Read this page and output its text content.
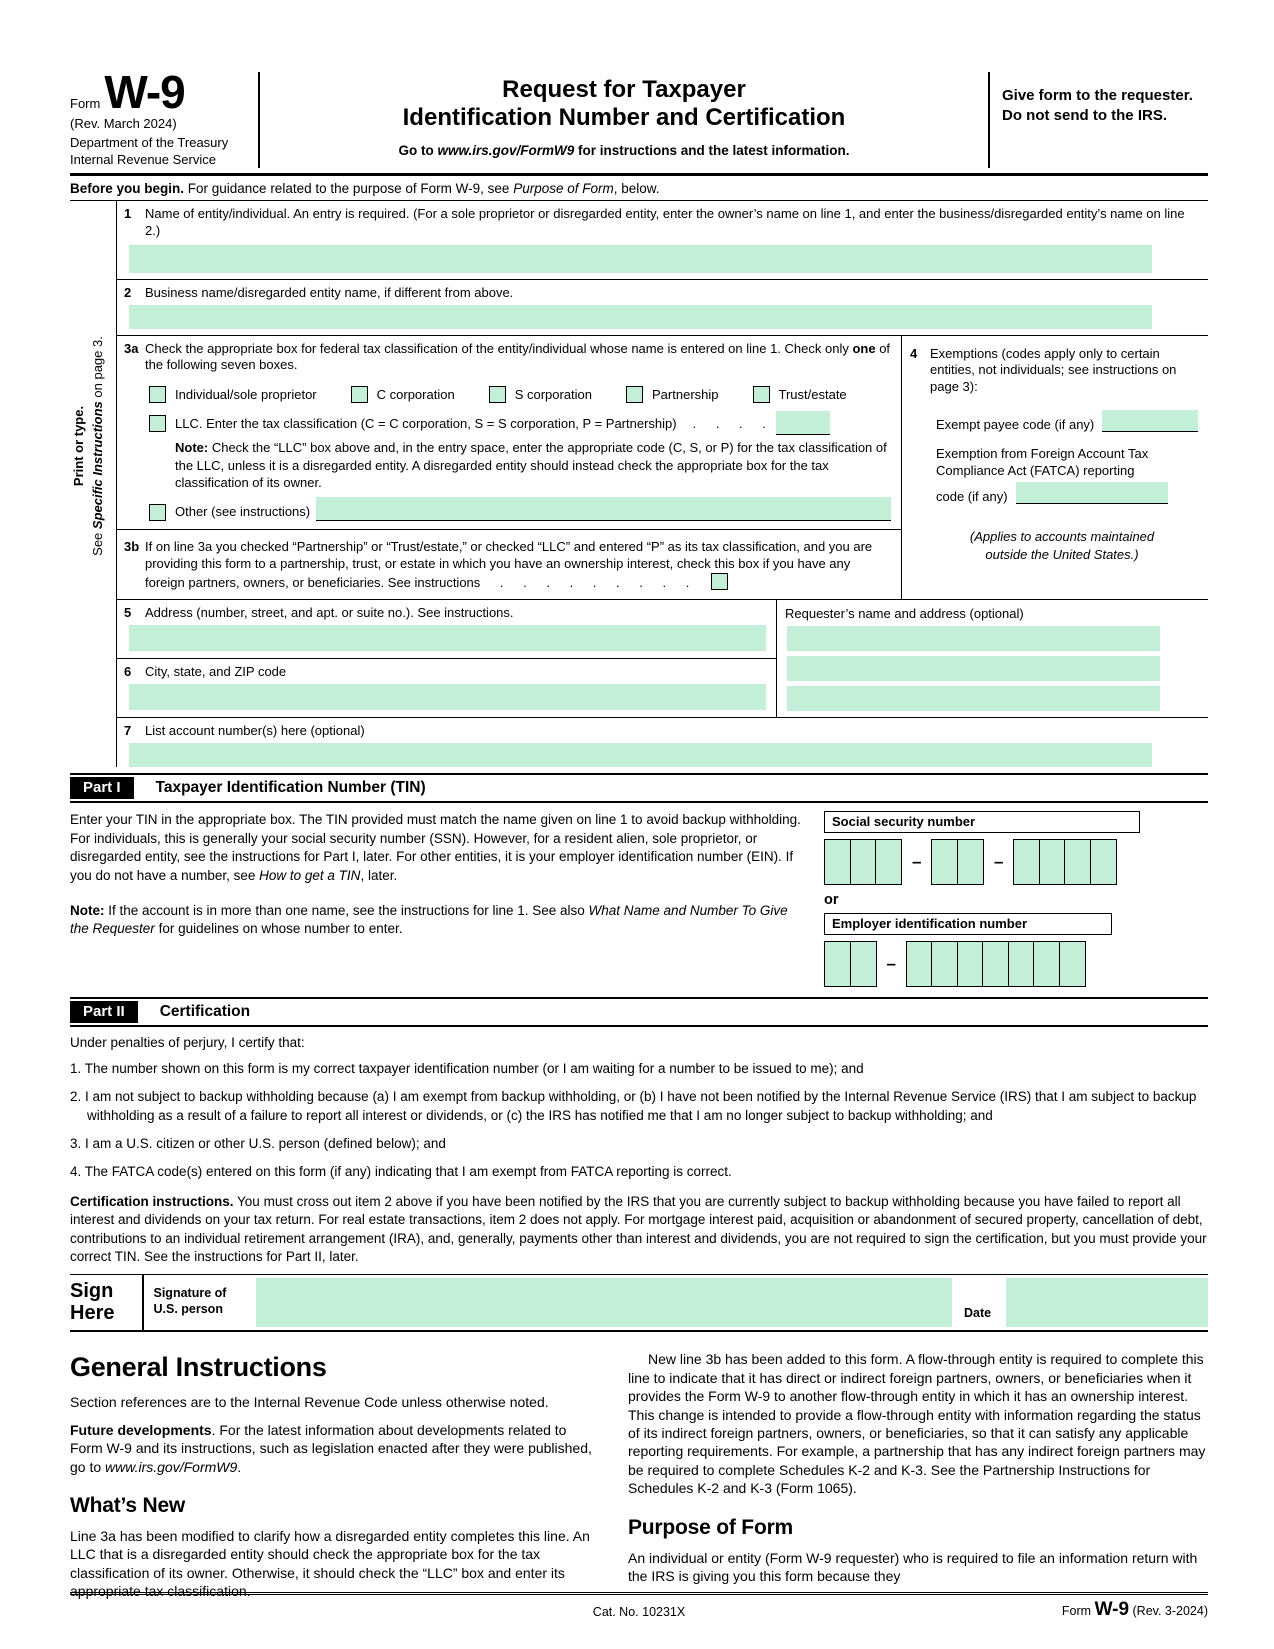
Form W-9
(Rev. March 2024)
Department of the Treasury
Internal Revenue Service
Request for Taxpayer
Identification Number and Certification
Go to www.irs.gov/FormW9 for instructions and the latest information.
Give form to the requester. Do not send to the IRS.
Before you begin. For guidance related to the purpose of Form W-9, see Purpose of Form, below.
Print or type.
See Specific Instructions on page 3.
1	Name of entity/individual. An entry is required. (For a sole proprietor or disregarded entity, enter the owner’s name on line 1, and enter the business/disregarded entity’s name on line 2.)
2	Business name/disregarded entity name, if different from above.
3a Check the appropriate box for federal tax classification of the entity/individual whose name is entered on line 1. Check only one of the following seven boxes.
Individual/sole proprietor	C corporation	S corporation	Partnership	Trust/estate
LLC. Enter the tax classification (C = C corporation, S = S corporation, P = Partnership)	. . . .
Note: Check the “LLC” box above and, in the entry space, enter the appropriate code (C, S, or P) for the tax classification of the LLC, unless it is a disregarded entity. A disregarded entity should instead check the appropriate box for the tax classification of its owner.
Other (see instructions)
3b If on line 3a you checked “Partnership” or “Trust/estate,” or checked “LLC” and entered “P” as its tax classification, and you are providing this form to a partnership, trust, or estate in which you have an ownership interest, check this box if you have any foreign partners, owners, or beneficiaries. See instructions . . . . . . . . .
4 Exemptions (codes apply only to certain entities, not individuals; see instructions on page 3):
Exempt payee code (if any)
Exemption from Foreign Account Tax Compliance Act (FATCA) reporting
code (if any)
(Applies to accounts maintained
outside the United States.)
5	Address (number, street, and apt. or suite no.). See instructions.
6	City, state, and ZIP code
Requester’s name and address (optional)
7	List account number(s) here (optional)
Part I	Taxpayer Identification Number (TIN)

Enter your TIN in the appropriate box. The TIN provided must match the name given on line 1 to avoid backup withholding. For individuals, this is generally your social security number (SSN). However, for a resident alien, sole proprietor, or disregarded entity, see the instructions for Part I, later. For other entities, it is your employer identification number (EIN). If you do not have a number, see How to get a TIN, later.

Note: If the account is in more than one name, see the instructions for line 1. See also What Name and Number To Give the Requester for guidelines on whose number to enter.

Social security number
–	–
or
Employer identification number
–
Part II	Certification
Under penalties of perjury, I certify that:
1. The number shown on this form is my correct taxpayer identification number (or I am waiting for a number to be issued to me); and
2. I am not subject to backup withholding because (a) I am exempt from backup withholding, or (b) I have not been notified by the Internal Revenue Service (IRS) that I am subject to backup withholding as a result of a failure to report all interest or dividends, or (c) the IRS has notified me that I am no longer subject to backup withholding; and
3. I am a U.S. citizen or other U.S. person (defined below); and
4. The FATCA code(s) entered on this form (if any) indicating that I am exempt from FATCA reporting is correct.
Certification instructions. You must cross out item 2 above if you have been notified by the IRS that you are currently subject to backup withholding because you have failed to report all interest and dividends on your tax return. For real estate transactions, item 2 does not apply. For mortgage interest paid, acquisition or abandonment of secured property, cancellation of debt, contributions to an individual retirement arrangement (IRA), and, generally, payments other than interest and dividends, you are not required to sign the certification, but you must provide your correct TIN. See the instructions for Part II, later.
Sign
Here
Signature of
U.S. person	Date
General Instructions
Section references are to the Internal Revenue Code unless otherwise noted.
Future developments. For the latest information about developments related to Form W-9 and its instructions, such as legislation enacted after they were published, go to www.irs.gov/FormW9.
What’s New
Line 3a has been modified to clarify how a disregarded entity completes this line. An LLC that is a disregarded entity should check the appropriate box for the tax classification of its owner. Otherwise, it should check the “LLC” box and enter its appropriate tax classification.
New line 3b has been added to this form. A flow-through entity is required to complete this line to indicate that it has direct or indirect foreign partners, owners, or beneficiaries when it provides the Form W-9 to another flow-through entity in which it has an ownership interest. This change is intended to provide a flow-through entity with information regarding the status of its indirect foreign partners, owners, or beneficiaries, so that it can satisfy any applicable reporting requirements. For example, a partnership that has any indirect foreign partners may be required to complete Schedules K-2 and K-3. See the Partnership Instructions for Schedules K-2 and K-3 (Form 1065).
Purpose of Form
An individual or entity (Form W-9 requester) who is required to file an information return with the IRS is giving you this form because they
Cat. No. 10231X	Form W-9 (Rev. 3-2024)
